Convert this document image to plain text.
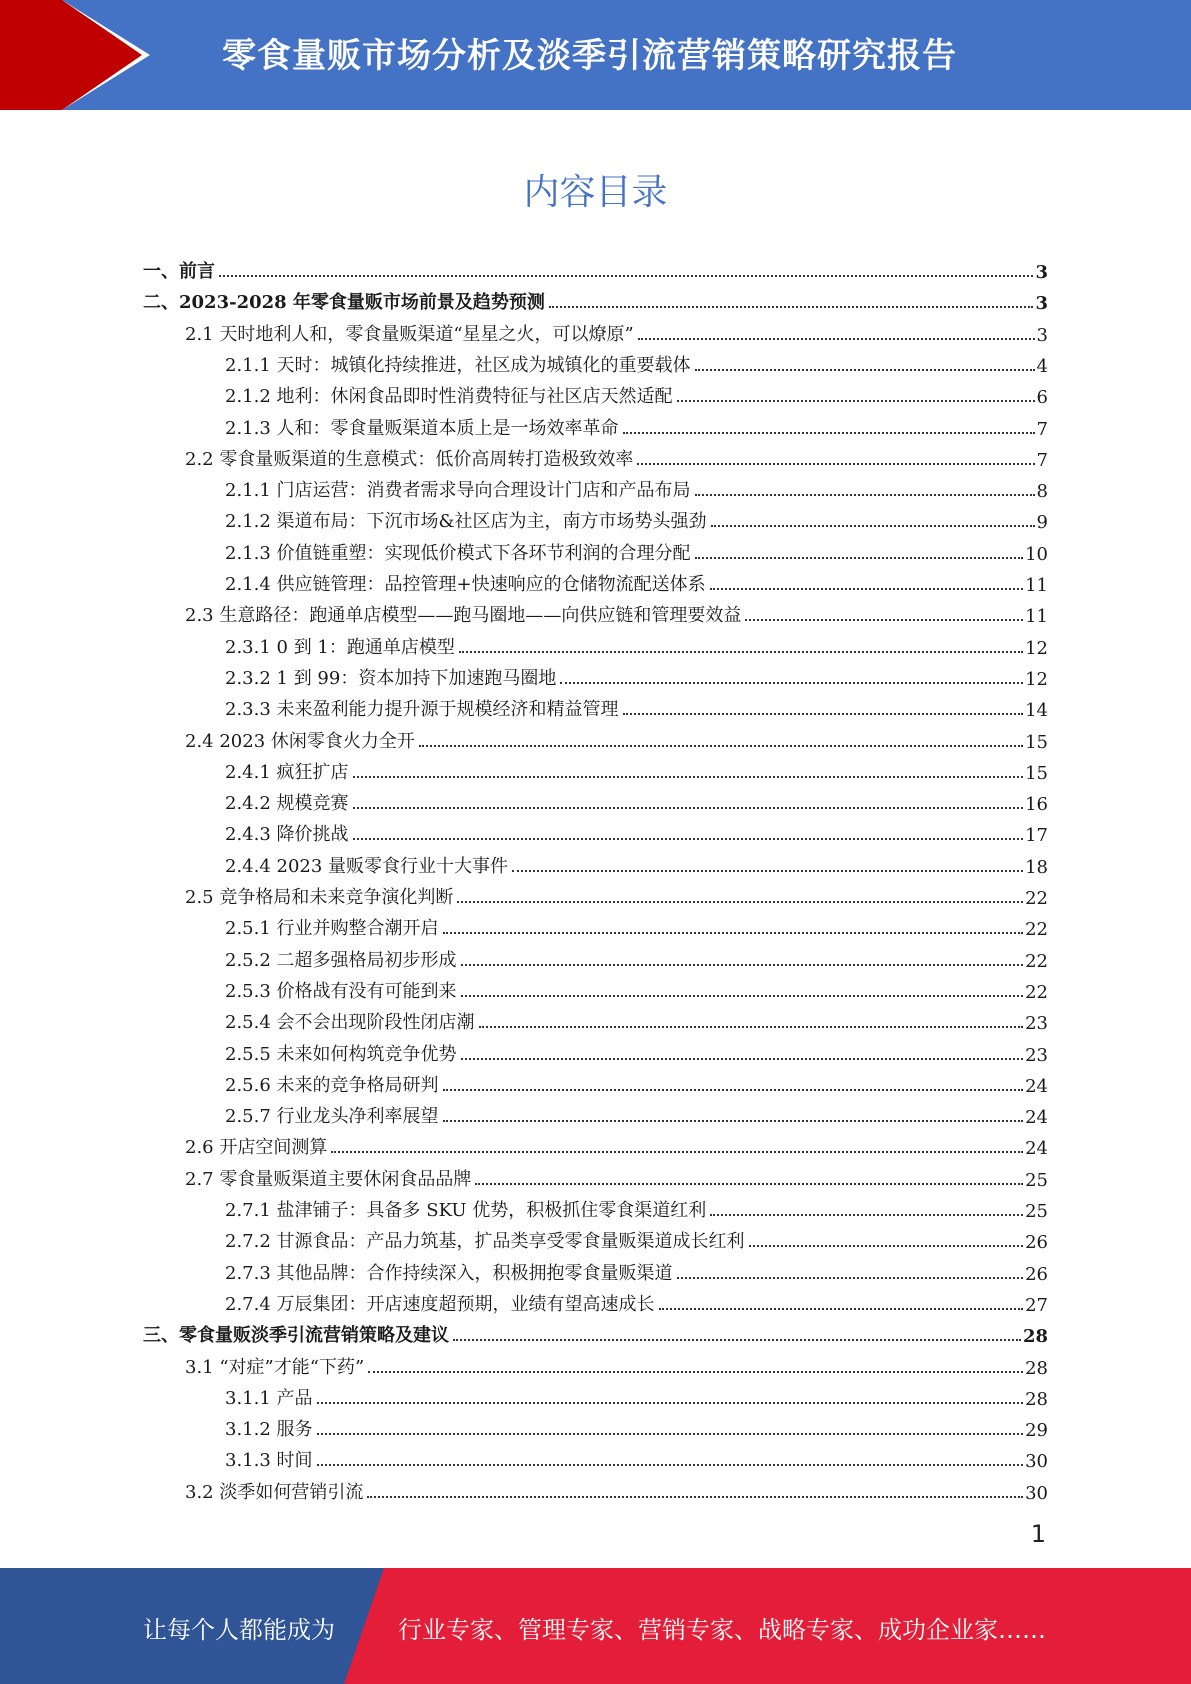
零食量贩市场分析及淡季引流营销策略研究报告
内容目录
一、前言	3
二、2023-2028 年零食量贩市场前景及趋势预测	3
2.1 天时地利人和，零食量贩渠道“星星之火，可以燎原”	3
2.1.1 天时：城镇化持续推进，社区成为城镇化的重要载体	4
2.1.2 地利：休闲食品即时性消费特征与社区店天然适配	6
2.1.3 人和：零食量贩渠道本质上是一场效率革命	7
2.2 零食量贩渠道的生意模式：低价高周转打造极致效率	7
2.1.1 门店运营：消费者需求导向合理设计门店和产品布局	8
2.1.2 渠道布局：下沉市场&社区店为主，南方市场势头强劲	9
2.1.3 价值链重塑：实现低价模式下各环节利润的合理分配	10
2.1.4 供应链管理：品控管理+快速响应的仓储物流配送体系	11
2.3 生意路径：跑通单店模型——跑马圈地——向供应链和管理要效益	11
2.3.1 0 到 1：跑通单店模型	12
2.3.2 1 到 99：资本加持下加速跑马圈地	12
2.3.3 未来盈利能力提升源于规模经济和精益管理	14
2.4 2023 休闲零食火力全开	15
2.4.1 疯狂扩店	15
2.4.2 规模竞赛	16
2.4.3 降价挑战	17
2.4.4 2023 量贩零食行业十大事件	18
2.5 竞争格局和未来竞争演化判断	22
2.5.1 行业并购整合潮开启	22
2.5.2 二超多强格局初步形成	22
2.5.3 价格战有没有可能到来	22
2.5.4 会不会出现阶段性闭店潮	23
2.5.5 未来如何构筑竞争优势	23
2.5.6 未来的竞争格局研判	24
2.5.7 行业龙头净利率展望	24
2.6 开店空间测算	24
2.7 零食量贩渠道主要休闲食品品牌	25
2.7.1 盐津铺子：具备多 SKU 优势，积极抓住零食渠道红利	25
2.7.2 甘源食品：产品力筑基，扩品类享受零食量贩渠道成长红利	26
2.7.3 其他品牌：合作持续深入，积极拥抱零食量贩渠道	26
2.7.4 万辰集团：开店速度超预期，业绩有望高速成长	27
三、零食量贩淡季引流营销策略及建议	28
3.1 “对症”才能“下药”	28
3.1.1 产品	28
3.1.2 服务	29
3.1.3 时间	30
3.2 淡季如何营销引流	30
1
让每个人都能成为	行业专家、管理专家、营销专家、战略专家、成功企业家……
